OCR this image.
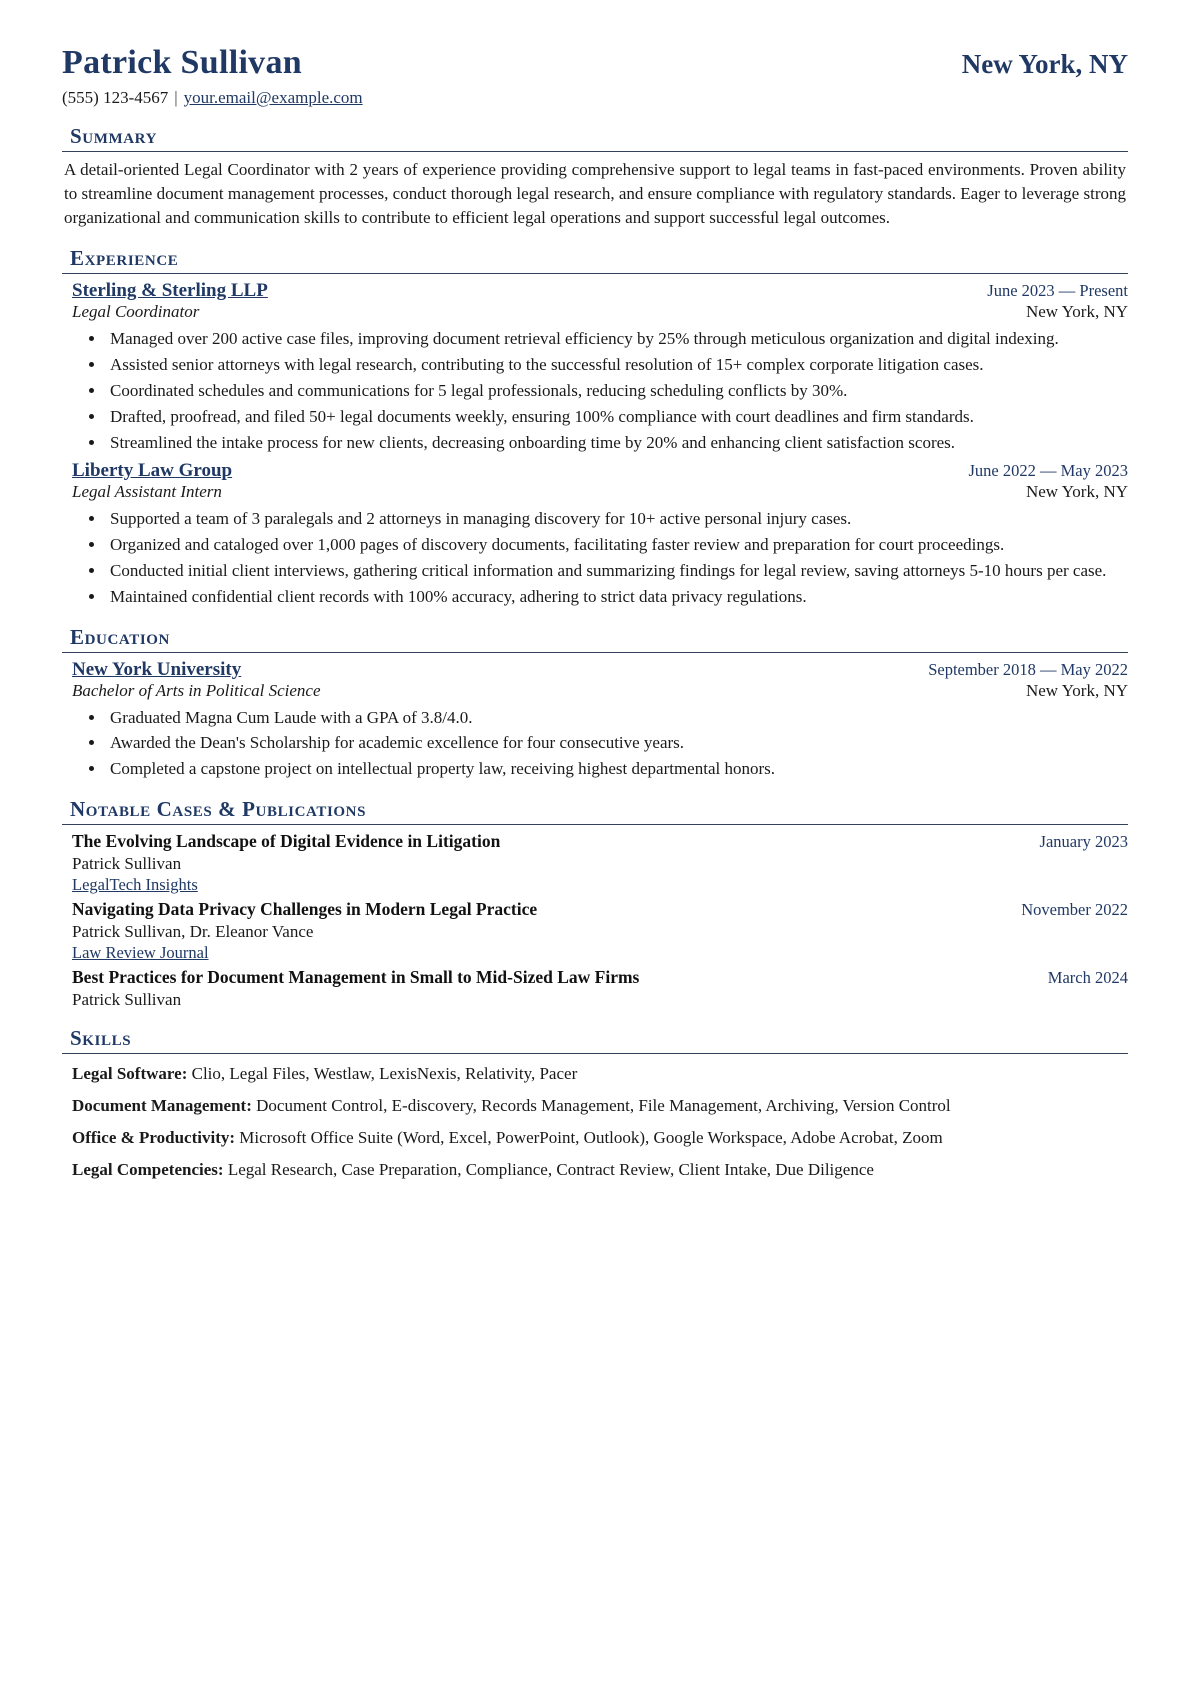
Patrick Sullivan	New York, NY
(555) 123-4567 | your.email@example.com
Summary
A detail-oriented Legal Coordinator with 2 years of experience providing comprehensive support to legal teams in fast-paced environments. Proven ability to streamline document management processes, conduct thorough legal research, and ensure compliance with regulatory standards. Eager to leverage strong organizational and communication skills to contribute to efficient legal operations and support successful legal outcomes.
Experience
Sterling & Sterling LLP	June 2023 — Present
Legal Coordinator	New York, NY
• Managed over 200 active case files, improving document retrieval efficiency by 25% through meticulous organization and digital indexing.
• Assisted senior attorneys with legal research, contributing to the successful resolution of 15+ complex corporate litigation cases.
• Coordinated schedules and communications for 5 legal professionals, reducing scheduling conflicts by 30%.
• Drafted, proofread, and filed 50+ legal documents weekly, ensuring 100% compliance with court deadlines and firm standards.
• Streamlined the intake process for new clients, decreasing onboarding time by 20% and enhancing client satisfaction scores.
Liberty Law Group	June 2022 — May 2023
Legal Assistant Intern	New York, NY
• Supported a team of 3 paralegals and 2 attorneys in managing discovery for 10+ active personal injury cases.
• Organized and cataloged over 1,000 pages of discovery documents, facilitating faster review and preparation for court proceedings.
• Conducted initial client interviews, gathering critical information and summarizing findings for legal review, saving attorneys 5-10 hours per case.
• Maintained confidential client records with 100% accuracy, adhering to strict data privacy regulations.
Education
New York University	September 2018 — May 2022
Bachelor of Arts in Political Science	New York, NY
• Graduated Magna Cum Laude with a GPA of 3.8/4.0.
• Awarded the Dean's Scholarship for academic excellence for four consecutive years.
• Completed a capstone project on intellectual property law, receiving highest departmental honors.
Notable Cases & Publications
The Evolving Landscape of Digital Evidence in Litigation	January 2023
Patrick Sullivan
LegalTech Insights
Navigating Data Privacy Challenges in Modern Legal Practice	November 2022
Patrick Sullivan, Dr. Eleanor Vance
Law Review Journal
Best Practices for Document Management in Small to Mid-Sized Law Firms	March 2024
Patrick Sullivan
Skills
Legal Software: Clio, Legal Files, Westlaw, LexisNexis, Relativity, Pacer
Document Management: Document Control, E-discovery, Records Management, File Management, Archiving, Version Control
Office & Productivity: Microsoft Office Suite (Word, Excel, PowerPoint, Outlook), Google Workspace, Adobe Acrobat, Zoom
Legal Competencies: Legal Research, Case Preparation, Compliance, Contract Review, Client Intake, Due Diligence
